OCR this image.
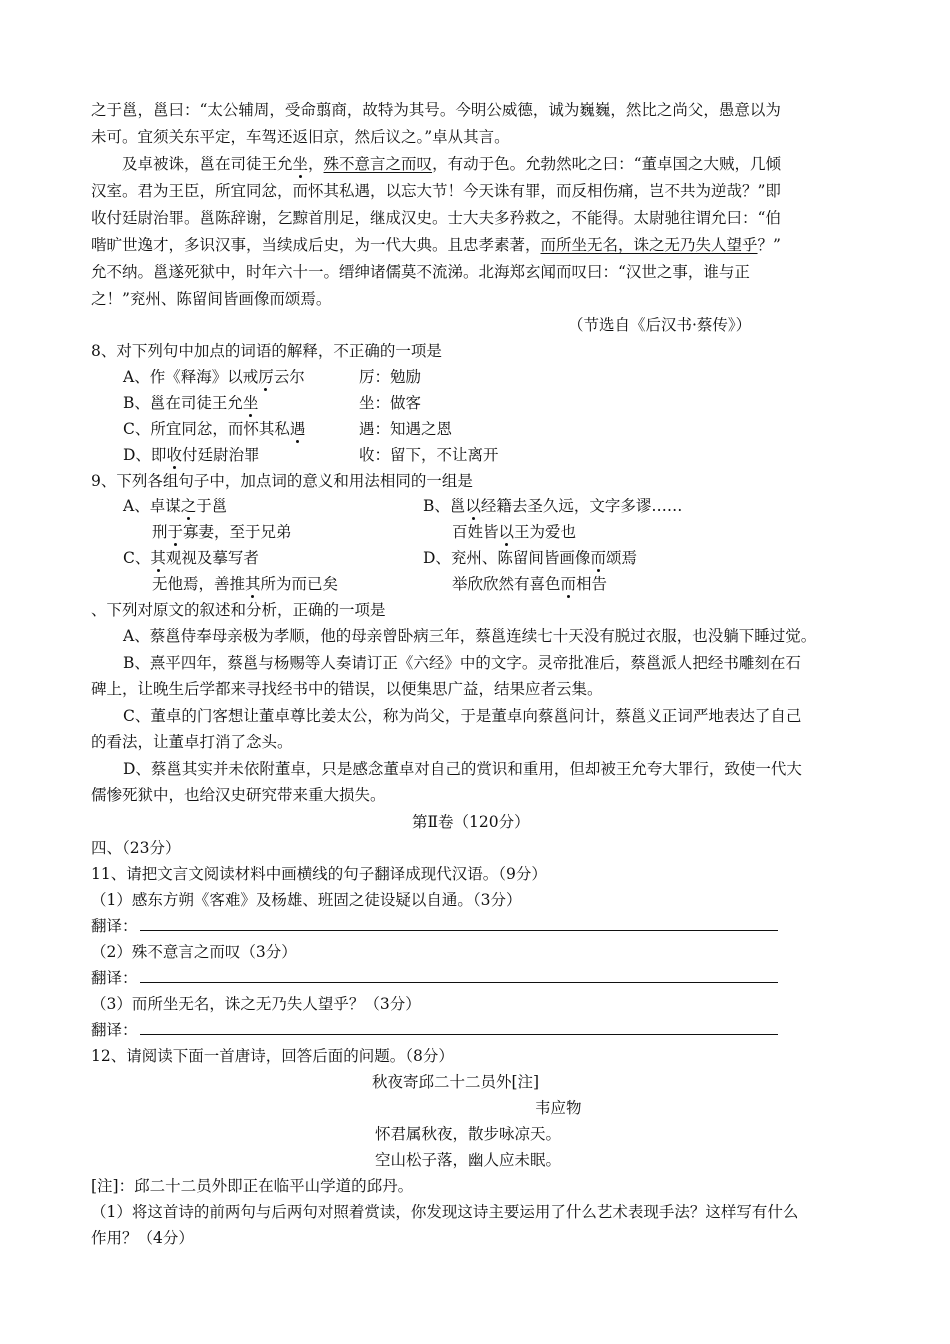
之于邕，邕曰：“太公辅周，受命翦商，故特为其号。今明公威德，诚为巍巍，然比之尚父，愚意以为
未可。宜须关东平定，车驾还返旧京，然后议之。”卓从其言。
及卓被诛，邕在司徒王允坐，殊不意言之而叹，有动于色。允勃然叱之曰：“董卓国之大贼，几倾
汉室。君为王臣，所宜同忿，而怀其私遇，以忘大节！今天诛有罪，而反相伤痛，岂不共为逆哉？”即
收付廷尉治罪。邕陈辞谢，乞黥首刖足，继成汉史。士大夫多矜救之，不能得。太尉驰往谓允曰：“伯
喈旷世逸才，多识汉事，当续成后史，为一代大典。且忠孝素著，而所坐无名，诛之无乃失人望乎？”
允不纳。邕遂死狱中，时年六十一。缙绅诸儒莫不流涕。北海郑玄闻而叹曰：“汉世之事，谁与正
之！”兖州、陈留间皆画像而颂焉。
（节选自《后汉书·蔡传》）
8、对下列句中加点的词语的解释，不正确的一项是
A、作《释海》以戒厉云尔	厉：勉励
B、邕在司徒王允坐	坐：做客
C、所宜同忿，而怀其私遇	遇：知遇之恩
D、即收付廷尉治罪	收：留下，不让离开
9、下列各组句子中，加点词的意义和用法相同的一组是
A、卓谋之于邕	B、邕以经籍去圣久远，文字多谬……
刑于寡妻，至于兄弟	百姓皆以王为爱也
C、其观视及摹写者	D、兖州、陈留间皆画像而颂焉
无他焉，善推其所为而已矣	举欣欣然有喜色而相告
、下列对原文的叙述和分析，正确的一项是
A、蔡邕侍奉母亲极为孝顺，他的母亲曾卧病三年，蔡邕连续七十天没有脱过衣服，也没躺下睡过觉。
B、熹平四年，蔡邕与杨赐等人奏请订正《六经》中的文字。灵帝批准后，蔡邕派人把经书雕刻在石
碑上，让晚生后学都来寻找经书中的错误，以便集思广益，结果应者云集。
C、董卓的门客想让董卓尊比姜太公，称为尚父，于是董卓向蔡邕问计，蔡邕义正词严地表达了自己
的看法，让董卓打消了念头。
D、蔡邕其实并未依附董卓，只是感念董卓对自己的赏识和重用，但却被王允夸大罪行，致使一代大
儒惨死狱中，也给汉史研究带来重大损失。
第Ⅱ卷（120分）
四、（23分）
11、请把文言文阅读材料中画横线的句子翻译成现代汉语。（9分）
（1）感东方朔《客难》及杨雄、班固之徒设疑以自通。（3分）
翻译：
（2）殊不意言之而叹（3分）
翻译：
（3）而所坐无名，诛之无乃失人望乎？（3分）
翻译：
12、请阅读下面一首唐诗，回答后面的问题。（8分）
秋夜寄邱二十二员外[注]
韦应物
怀君属秋夜，散步咏凉天。
空山松子落，幽人应未眠。
[注]：邱二十二员外即正在临平山学道的邱丹。
（1）将这首诗的前两句与后两句对照着赏读，你发现这诗主要运用了什么艺术表现手法？这样写有什么
作用？（4分）
